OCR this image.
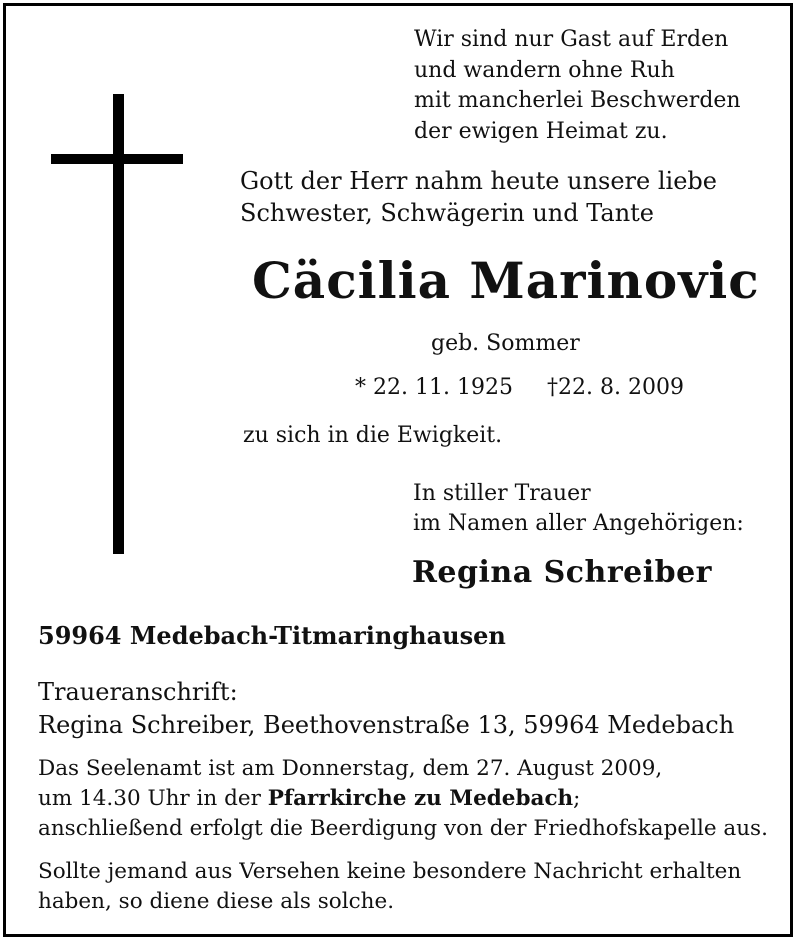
Wir sind nur Gast auf Erden
und wandern ohne Ruh
mit mancherlei Beschwerden
der ewigen Heimat zu.
Gott der Herr nahm heute unsere liebe
Schwester, Schwägerin und Tante
Cäcilia Marinovic
geb. Sommer
* 22. 11. 1925 †22. 8. 2009
zu sich in die Ewigkeit.
In stiller Trauer
im Namen aller Angehörigen:
Regina Schreiber
59964 Medebach-Titmaringhausen
Traueranschrift:
Regina Schreiber, Beethovenstraße 13, 59964 Medebach
Das Seelenamt ist am Donnerstag, dem 27. August 2009,
um 14.30 Uhr in der Pfarrkirche zu Medebach;
anschließend erfolgt die Beerdigung von der Friedhofskapelle aus.
Sollte jemand aus Versehen keine besondere Nachricht erhalten
haben, so diene diese als solche.
